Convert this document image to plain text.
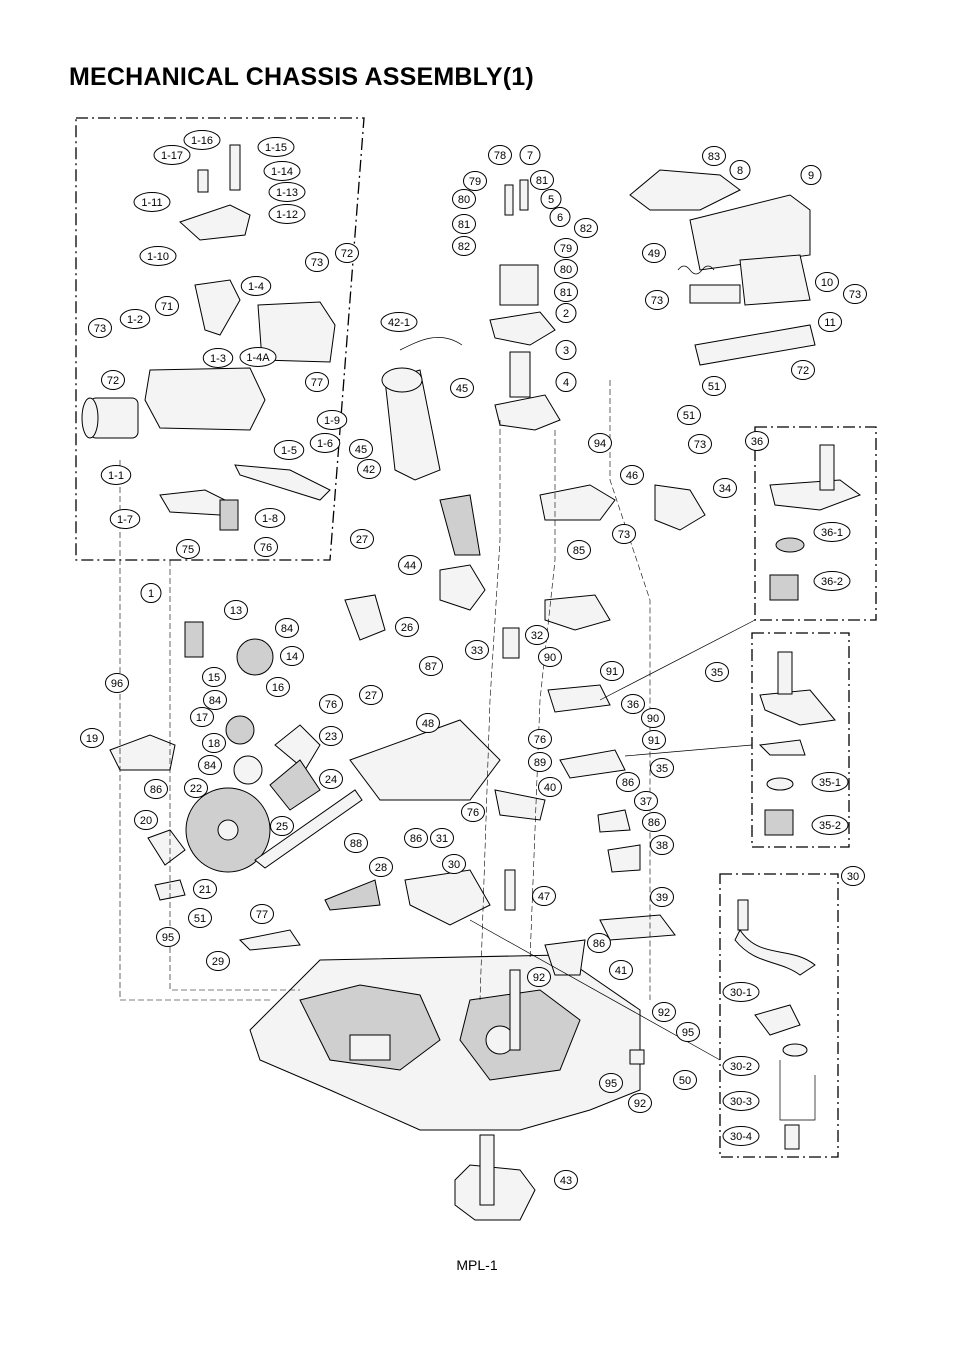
MECHANICAL CHASSIS ASSEMBLY(1)
1-16
1-15
1-17
1-14
1-13
1-11
1-12
1-10	73
72
1-4
71
73
1-2
1-3 1-4A
72	77
1-9
1-6
1-5
1-1
1-7	1-8
75	76
1
78 7
79	81
80	5
81
6
82
82	79
80
81
2
3
4
42-1
45
45
42
83
8	9
49
10
73	73
11
72
51
51
36
94	73
46
34
73	36-1
36-2
27
44
85
13
84	26
32
33
14	90
91
87	35
96	15
16
27
84	76	36
17	48	90
19	23
18	91
76
89	35
84
24	86
22
86	40	35-1
37
76
86
20	25	35-2
31
86
88	38
30
30
28
21
47	39
77
51
95	86
29
41
92
30-1
92
95
30-2
50
95
30-3
92
30-4
43
MPL-1
